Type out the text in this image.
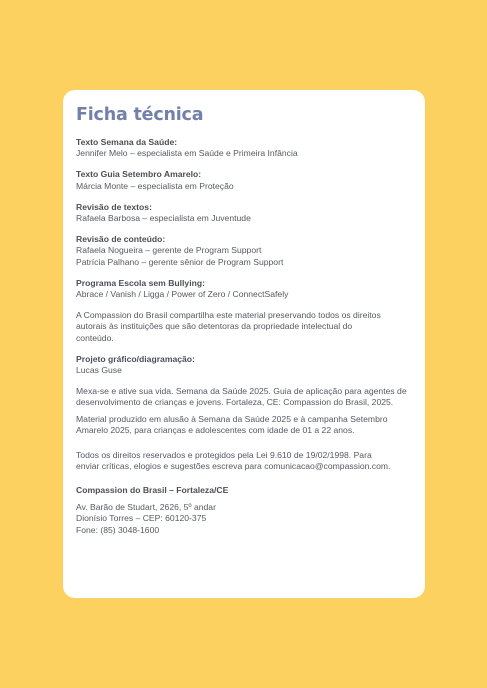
Ficha técnica
Texto Semana da Saúde:
Jennifer Melo – especialista em Saúde e Primeira Infância
Texto Guia Setembro Amarelo:
Márcia Monte – especialista em Proteção
Revisão de textos:
Rafaela Barbosa – especialista em Juventude
Revisão de conteúdo:
Rafaela Nogueira – gerente de Program Support
Patrícia Palhano – gerente sênior de Program Support
Programa Escola sem Bullying:
Abrace / Vanish / Ligga / Power of Zero / ConnectSafely
A Compassion do Brasil compartilha este material preservando todos os direitos
autorais às instituições que são detentoras da propriedade intelectual do
conteúdo.
Projeto gráfico/diagramação:
Lucas Guse
Mexa-se e ative sua vida. Semana da Saúde 2025. Guia de aplicação para agentes de
desenvolvimento de crianças e jovens. Fortaleza, CE: Compassion do Brasil, 2025.
Material produzido em alusão à Semana da Saúde 2025 e à campanha Setembro
Amarelo 2025, para crianças e adolescentes com idade de 01 a 22 anos.
Todos os direitos reservados e protegidos pela Lei 9.610 de 19/02/1998. Para
enviar críticas, elogios e sugestões escreva para comunicacao@compassion.com.
Compassion do Brasil – Fortaleza/CE
Av. Barão de Studart, 2626, 5º andar
Dionísio Torres – CEP: 60120-375
Fone: (85) 3048-1600
